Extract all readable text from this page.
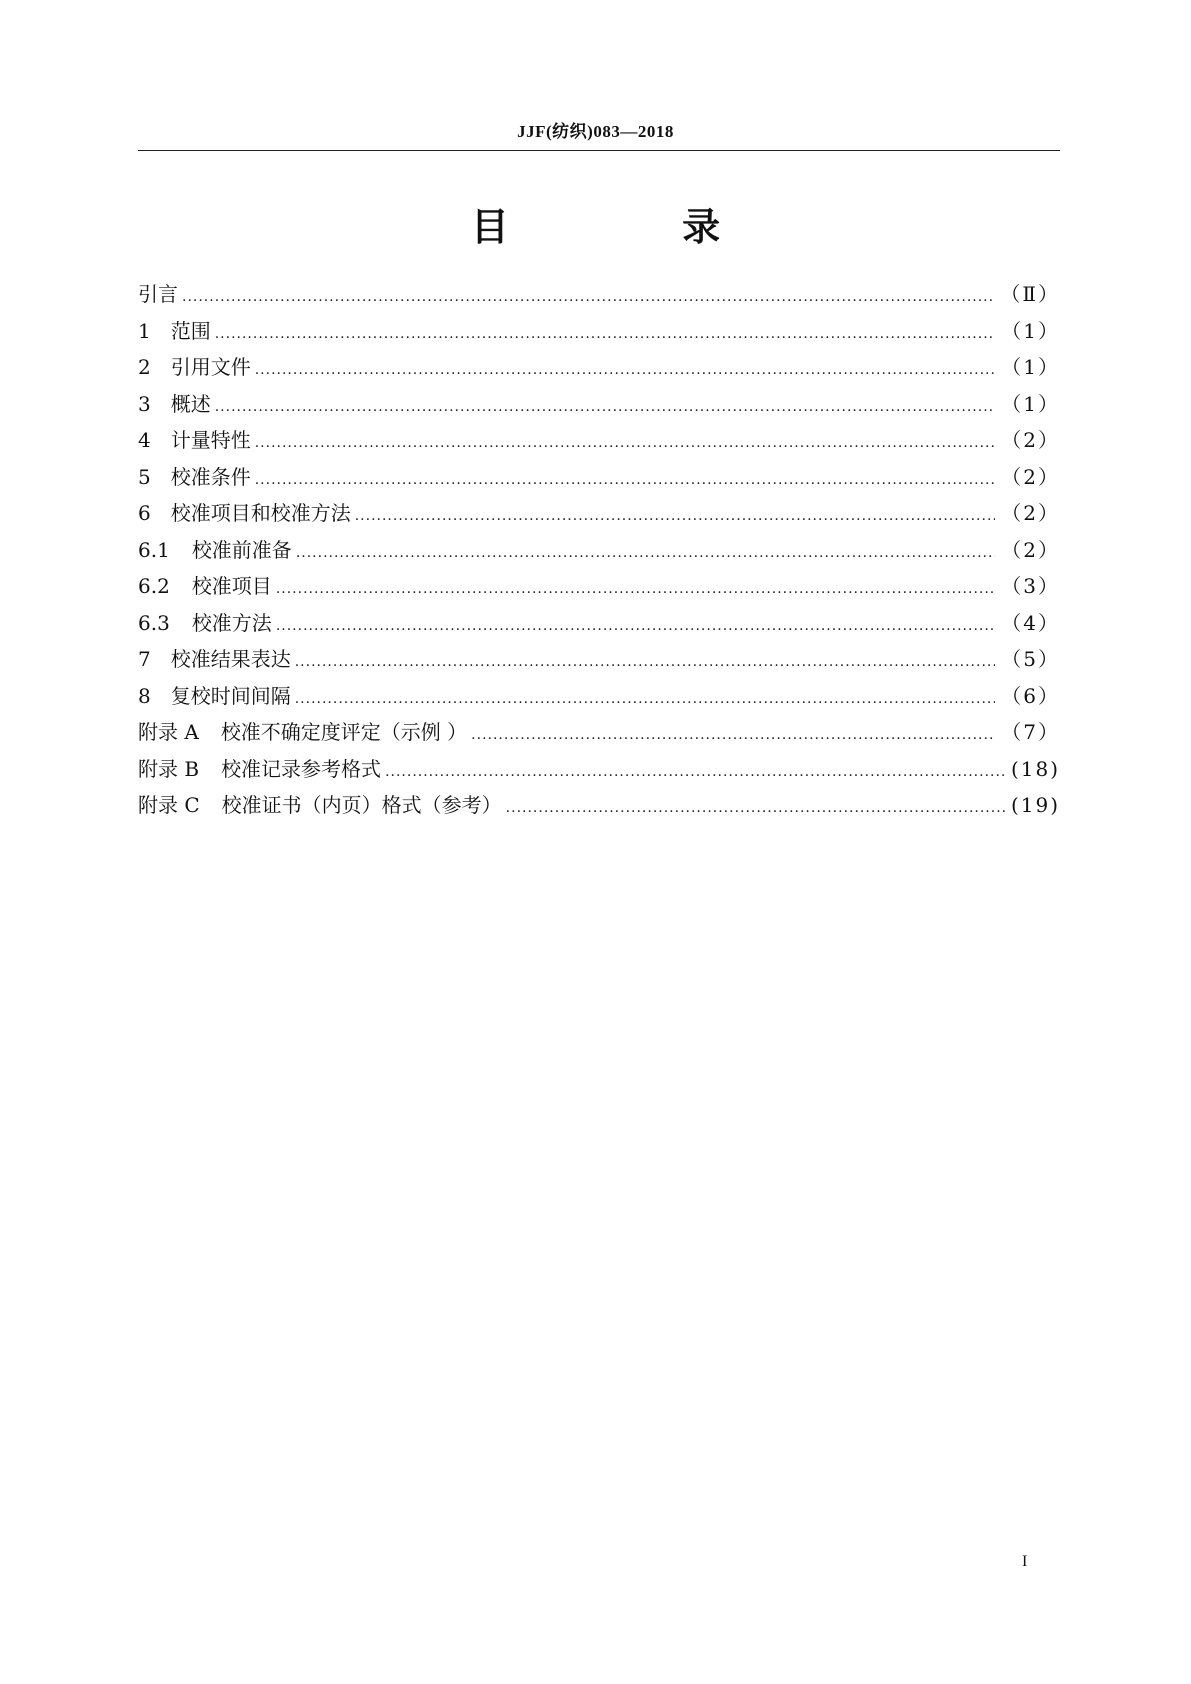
JJF(纺织)083—2018
目 录
引言 .....	（Ⅱ）
1 范围 .....	（1）
2 引用文件 .....	（1）
3 概述 .....	（1）
4 计量特性 .....	（2）
5 校准条件 .....	（2）
6 校准项目和校准方法 .....	（2）
6.1 校准前准备 .....	（2）
6.2 校准项目 .....	（3）
6.3 校准方法 .....	（4）
7 校准结果表达 .....	（5）
8 复校时间间隔 .....	（6）
附录 A 校准不确定度评定（示例 ） .....	（7）
附录 B 校准记录参考格式 .....	(18)
附录 C 校准证书（内页）格式（参考） .....	(19)
I
